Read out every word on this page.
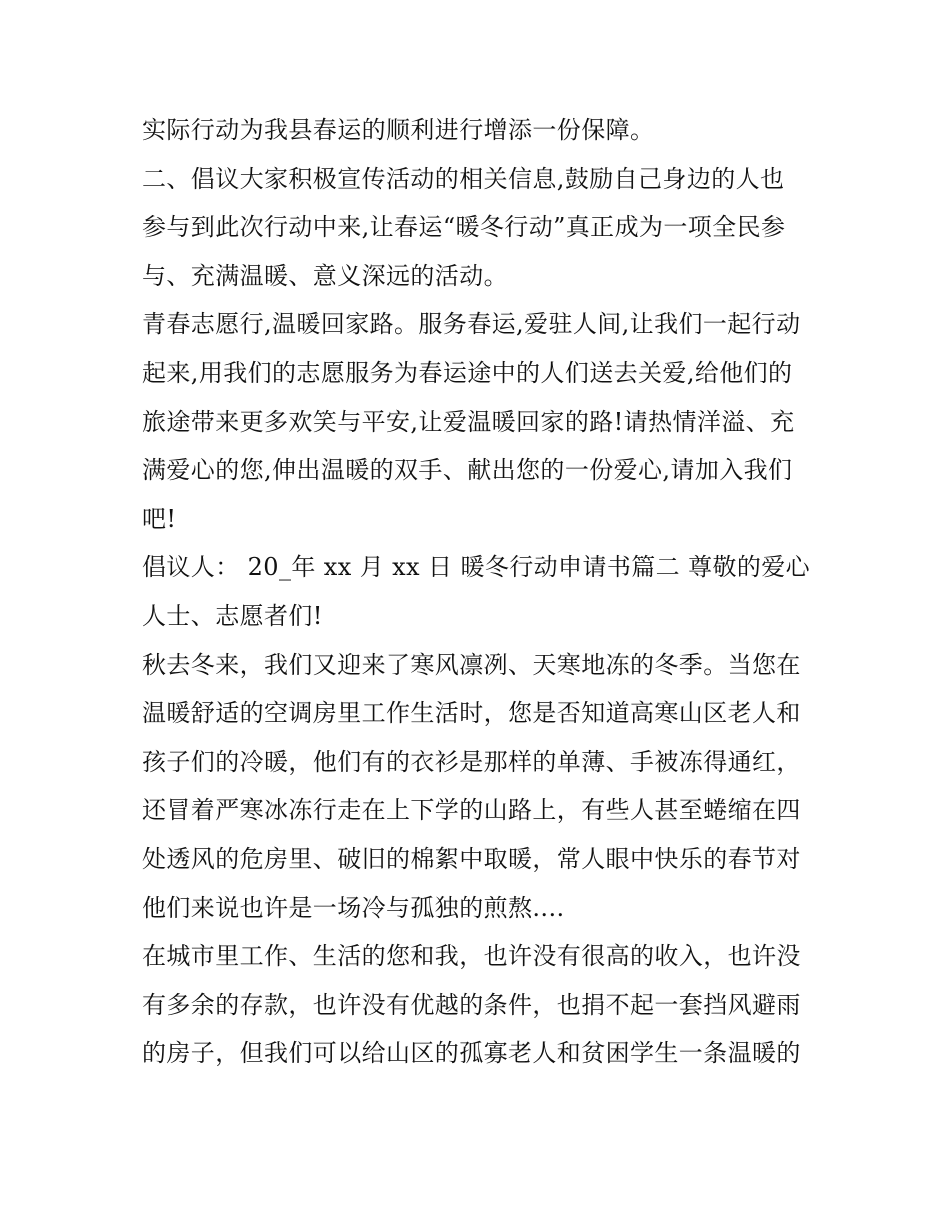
实际行动为我县春运的顺利进行增添一份保障。
二、倡议大家积极宣传活动的相关信息,鼓励自己身边的人也
参与到此次行动中来,让春运“暖冬行动”真正成为一项全民参
与、充满温暖、意义深远的活动。
青春志愿行,温暖回家路。服务春运,爱驻人间,让我们一起行动
起来,用我们的志愿服务为春运途中的人们送去关爱,给他们的
旅途带来更多欢笑与平安,让爱温暖回家的路!请热情洋溢、充
满爱心的您,伸出温暖的双手、献出您的一份爱心,请加入我们
吧!
倡议人： 20_年 xx 月 xx 日 暖冬行动申请书篇二 尊敬的爱心
人士、志愿者们!
秋去冬来，我们又迎来了寒风凛冽、天寒地冻的冬季。当您在
温暖舒适的空调房里工作生活时，您是否知道高寒山区老人和
孩子们的冷暖，他们有的衣衫是那样的单薄、手被冻得通红，
还冒着严寒冰冻行走在上下学的山路上，有些人甚至蜷缩在四
处透风的危房里、破旧的棉絮中取暖，常人眼中快乐的春节对
他们来说也许是一场冷与孤独的煎熬....
在城市里工作、生活的您和我，也许没有很高的收入，也许没
有多余的存款，也许没有优越的条件，也捐不起一套挡风避雨
的房子，但我们可以给山区的孤寡老人和贫困学生一条温暖的
